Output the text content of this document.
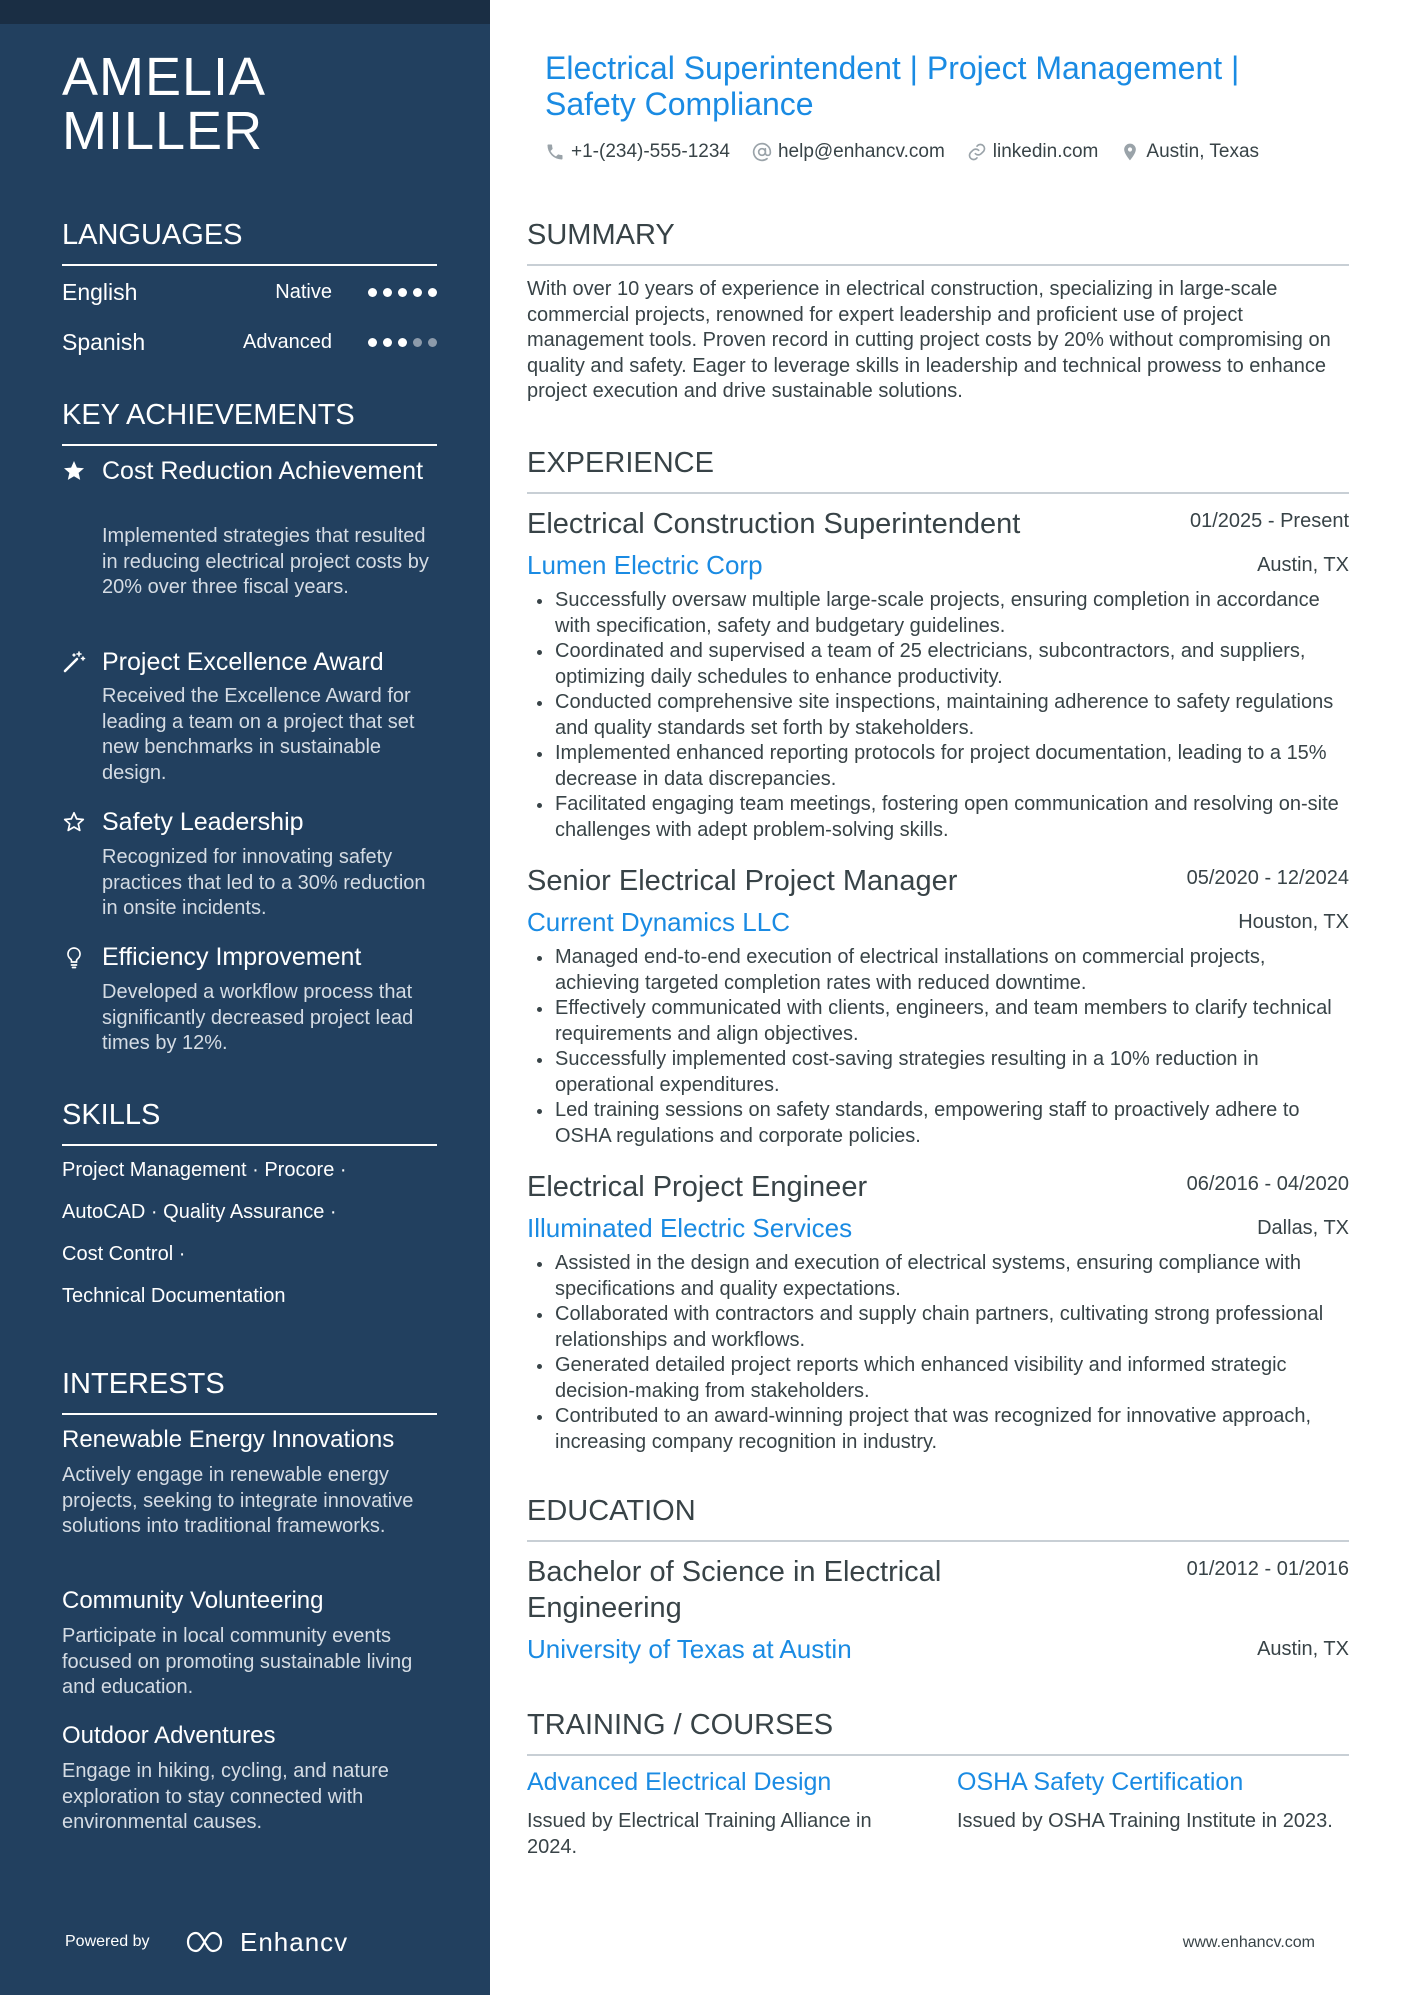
AMELIA
MILLER
LANGUAGES
English	Native
Spanish	Advanced
KEY ACHIEVEMENTS
Cost Reduction Achievement
Implemented strategies that resulted in reducing electrical project costs by 20% over three fiscal years.
Project Excellence Award
Received the Excellence Award for leading a team on a project that set new benchmarks in sustainable design.
Safety Leadership
Recognized for innovating safety practices that led to a 30% reduction in onsite incidents.
Efficiency Improvement
Developed a workflow process that significantly decreased project lead times by 12%.
SKILLS
Project Management · Procore ·
AutoCAD · Quality Assurance ·
Cost Control ·
Technical Documentation
INTERESTS
Renewable Energy Innovations
Actively engage in renewable energy projects, seeking to integrate innovative solutions into traditional frameworks.
Community Volunteering
Participate in local community events focused on promoting sustainable living and education.
Outdoor Adventures
Engage in hiking, cycling, and nature exploration to stay connected with environmental causes.
Powered by	Enhancv
Electrical Superintendent | Project Management |
Safety Compliance
+1-(234)-555-1234	help@enhancv.com	linkedin.com	Austin, Texas
SUMMARY
With over 10 years of experience in electrical construction, specializing in large-scale commercial projects, renowned for expert leadership and proficient use of project management tools. Proven record in cutting project costs by 20% without compromising on quality and safety. Eager to leverage skills in leadership and technical prowess to enhance project execution and drive sustainable solutions.
EXPERIENCE
Electrical Construction Superintendent	01/2025 - Present
Lumen Electric Corp	Austin, TX
Successfully oversaw multiple large-scale projects, ensuring completion in accordance with specification, safety and budgetary guidelines.
Coordinated and supervised a team of 25 electricians, subcontractors, and suppliers, optimizing daily schedules to enhance productivity.
Conducted comprehensive site inspections, maintaining adherence to safety regulations and quality standards set forth by stakeholders.
Implemented enhanced reporting protocols for project documentation, leading to a 15% decrease in data discrepancies.
Facilitated engaging team meetings, fostering open communication and resolving on-site challenges with adept problem-solving skills.
Senior Electrical Project Manager	05/2020 - 12/2024
Current Dynamics LLC	Houston, TX
Managed end-to-end execution of electrical installations on commercial projects, achieving targeted completion rates with reduced downtime.
Effectively communicated with clients, engineers, and team members to clarify technical requirements and align objectives.
Successfully implemented cost-saving strategies resulting in a 10% reduction in operational expenditures.
Led training sessions on safety standards, empowering staff to proactively adhere to OSHA regulations and corporate policies.
Electrical Project Engineer	06/2016 - 04/2020
Illuminated Electric Services	Dallas, TX
Assisted in the design and execution of electrical systems, ensuring compliance with specifications and quality expectations.
Collaborated with contractors and supply chain partners, cultivating strong professional relationships and workflows.
Generated detailed project reports which enhanced visibility and informed strategic decision-making from stakeholders.
Contributed to an award-winning project that was recognized for innovative approach, increasing company recognition in industry.
EDUCATION
Bachelor of Science in Electrical
Engineering
01/2012 - 01/2016
University of Texas at Austin	Austin, TX
TRAINING / COURSES
Advanced Electrical Design
Issued by Electrical Training Alliance in 2024.
OSHA Safety Certification
Issued by OSHA Training Institute in 2023.
www.enhancv.com
